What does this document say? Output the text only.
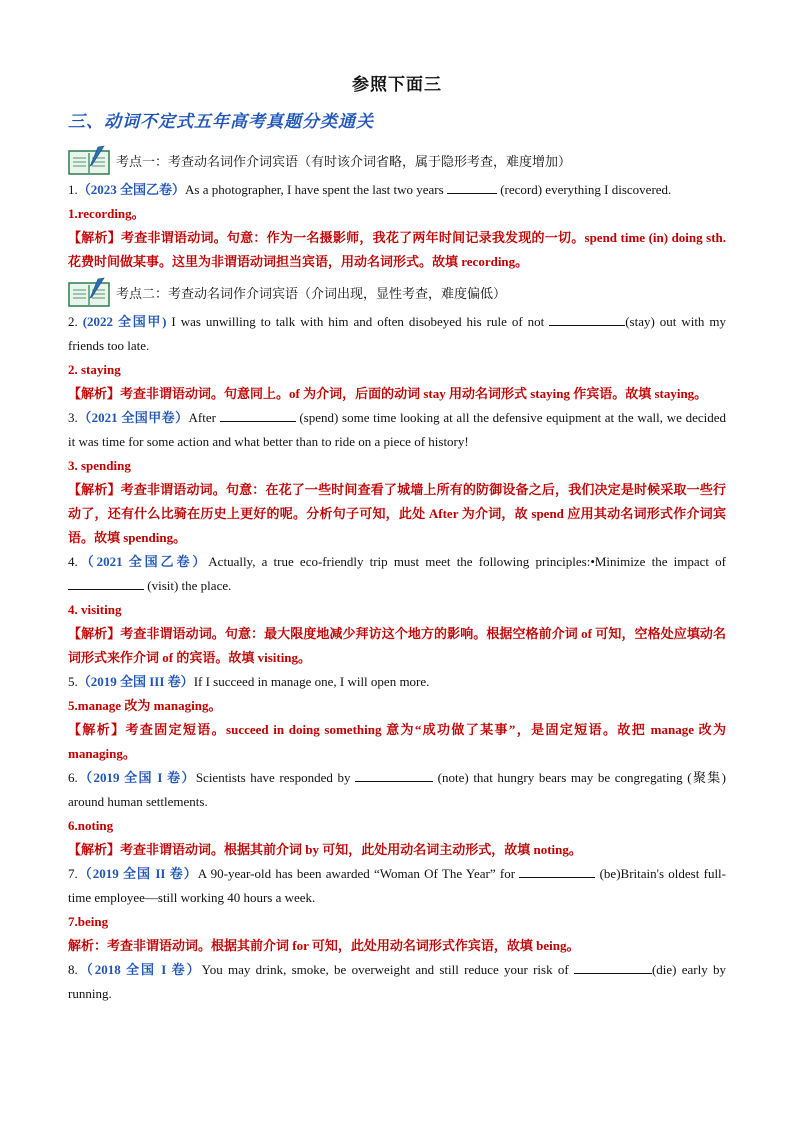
参照下面三
三、动词不定式五年高考真题分类通关
考点一：考查动名词作介词宾语（有时该介词省略，属于隐形考查，难度增加）

1.（2023 全国乙卷）As a photographer, I have spent the last two years	(record) everything I discovered.

1.recording。

【解析】考查非谓语动词。句意：作为一名摄影师，我花了两年时间记录我发现的一切。spend time (in) doing sth.花费时间做某事。这里为非谓语动词担当宾语，用动名词形式。故填 recording。

考点二：考查动名词作介词宾语（介词出现，显性考查，难度偏低）

2. (2022 全国甲) I was unwilling to talk with him and often disobeyed his rule of not	(stay) out with my friends too late.

2. staying

【解析】考查非谓语动词。句意同上。of 为介词，后面的动词 stay 用动名词形式 staying 作宾语。故填 staying。

3.（2021 全国甲卷）After	(spend) some time looking at all the defensive equipment at the wall, we decided it was time for some action and what better than to ride on a piece of history!

3. spending

【解析】考查非谓语动词。句意：在花了一些时间查看了城墙上所有的防御设备之后，我们决定是时候采取一些行动了，还有什么比骑在历史上更好的呢。分析句子可知，此处 After 为介词，故 spend 应用其动名词形式作介词宾语。故填 spending。

4.（2021 全国乙卷）Actually, a true eco-friendly trip must meet the following principles:•Minimize the impact of  (visit) the place.

4. visiting

【解析】考查非谓语动词。句意：最大限度地减少拜访这个地方的影响。根据空格前介词 of 可知，空格处应填动名词形式来作介词 of 的宾语。故填 visiting。

5.（2019 全国 III 卷）If I succeed in manage one, I will open more.

5.manage 改为 managing。

【解析】考查固定短语。succeed in doing something 意为“成功做了某事”，是固定短语。故把 manage 改为 managing。

6.（2019 全国 I 卷）Scientists have responded by	(note) that hungry bears may be congregating (聚集) around human settlements.

6.noting

【解析】考查非谓语动词。根据其前介词 by 可知，此处用动名词主动形式，故填 noting。

7.（2019 全国 II 卷）A 90-year-old has been awarded “Woman Of The Year” for	(be)Britain's oldest full-time employee—still working 40 hours a week.

7.being

解析：考查非谓语动词。根据其前介词 for 可知，此处用动名词形式作宾语，故填 being。

8.（2018 全国 I 卷）You may drink, smoke, be overweight and still reduce your risk of	(die) early by running.
